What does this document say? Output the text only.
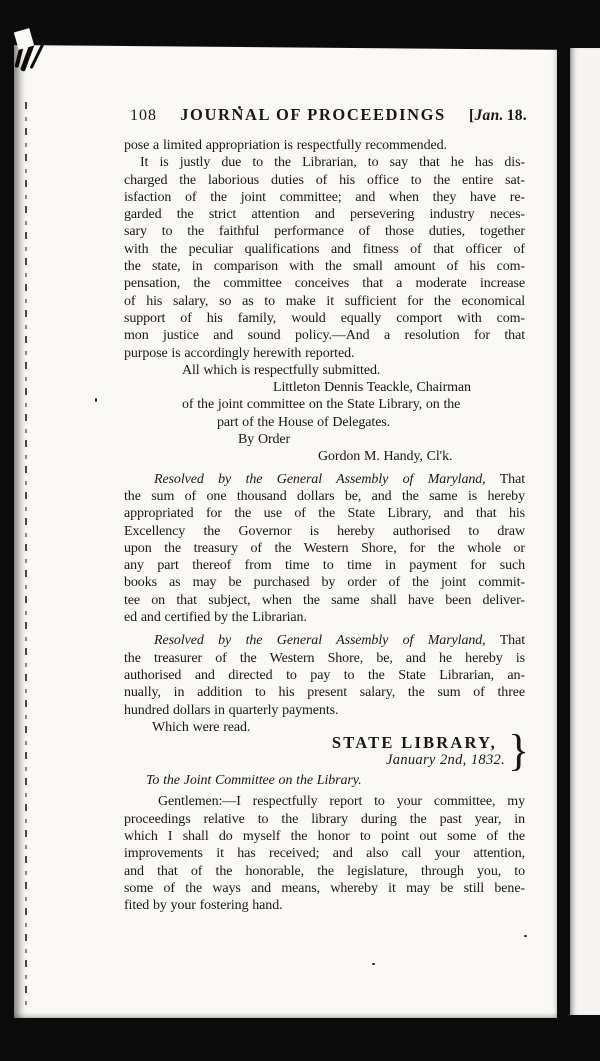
108 JOURNAL OF PROCEEDINGS [Jan. 18.
pose a limited appropriation is respectfully recommended.
It is justly due to the Librarian, to say that he has dis-
charged the laborious duties of his office to the entire sat-
isfaction of the joint committee; and when they have re-
garded the strict attention and persevering industry neces-
sary to the faithful performance of those duties, together
with the peculiar qualifications and fitness of that officer of
the state, in comparison with the small amount of his com-
pensation, the committee conceives that a moderate increase
of his salary, so as to make it sufficient for the economical
support of his family, would equally comport with com-
mon justice and sound policy.—And a resolution for that
purpose is accordingly herewith reported.
All which is respectfully submitted.
Littleton Dennis Teackle, Chairman
of the joint committee on the State Library, on the
part of the House of Delegates.
By Order
Gordon M. Handy, Cl'k.
Resolved by the General Assembly of Maryland, That
the sum of one thousand dollars be, and the same is hereby
appropriated for the use of the State Library, and that his
Excellency the Governor is hereby authorised to draw
upon the treasury of the Western Shore, for the whole or
any part thereof from time to time in payment for such
books as may be purchased by order of the joint commit-
tee on that subject, when the same shall have been deliver-
ed and certified by the Librarian.
Resolved by the General Assembly of Maryland, That
the treasurer of the Western Shore, be, and he hereby is
authorised and directed to pay to the State Librarian, an-
nually, in addition to his present salary, the sum of three
hundred dollars in quarterly payments.
Which were read.
STATE LIBRARY,
January 2nd, 1832. }
To the Joint Committee on the Library.
Gentlemen:—I respectfully report to your committee, my
proceedings relative to the library during the past year, in
which I shall do myself the honor to point out some of the
improvements it has received; and also call your attention,
and that of the honorable, the legislature, through you, to
some of the ways and means, whereby it may be still bene-
fited by your fostering hand.
